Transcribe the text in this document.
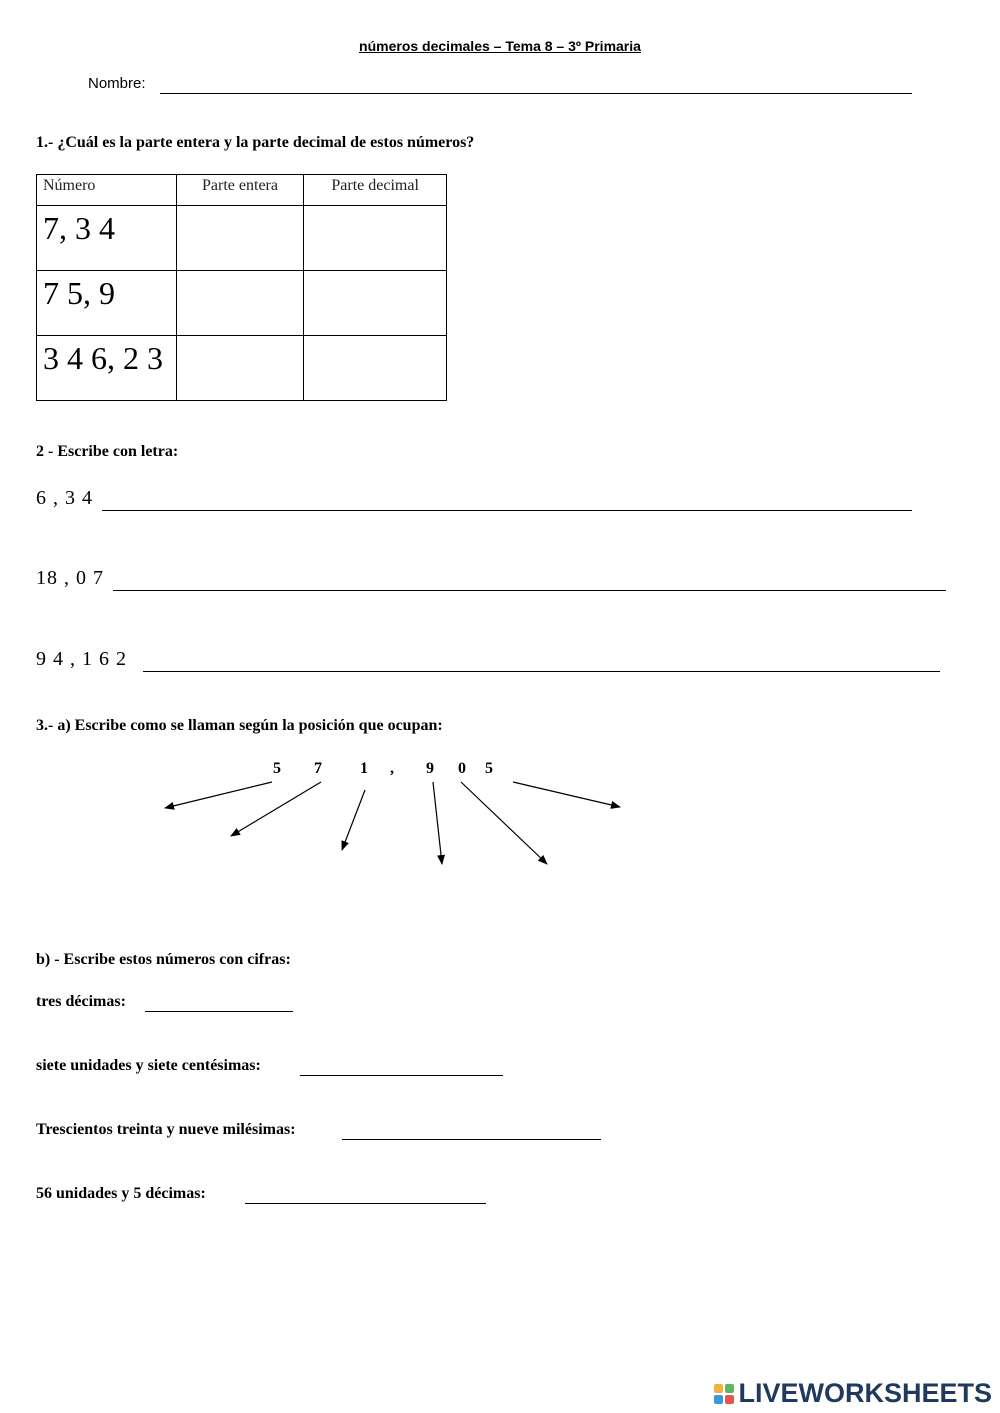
números decimales – Tema 8 – 3º Primaria
Nombre:
1.- ¿Cuál es la parte entera y la parte decimal de estos números?
Número	Parte entera	Parte decimal
7, 3 4		
7 5, 9		
3 4 6, 2 3		
2 - Escribe con letra:
6 , 3 4
18 , 0 7
9 4 , 1 6 2
3.- a) Escribe como se llaman según la posición que ocupan:
5 7 1 , 9 0 5
b) - Escribe estos números con cifras:
tres décimas:
siete unidades y siete centésimas:
Trescientos treinta y nueve milésimas:
56 unidades y 5 décimas:
LIVEWORKSHEETS
